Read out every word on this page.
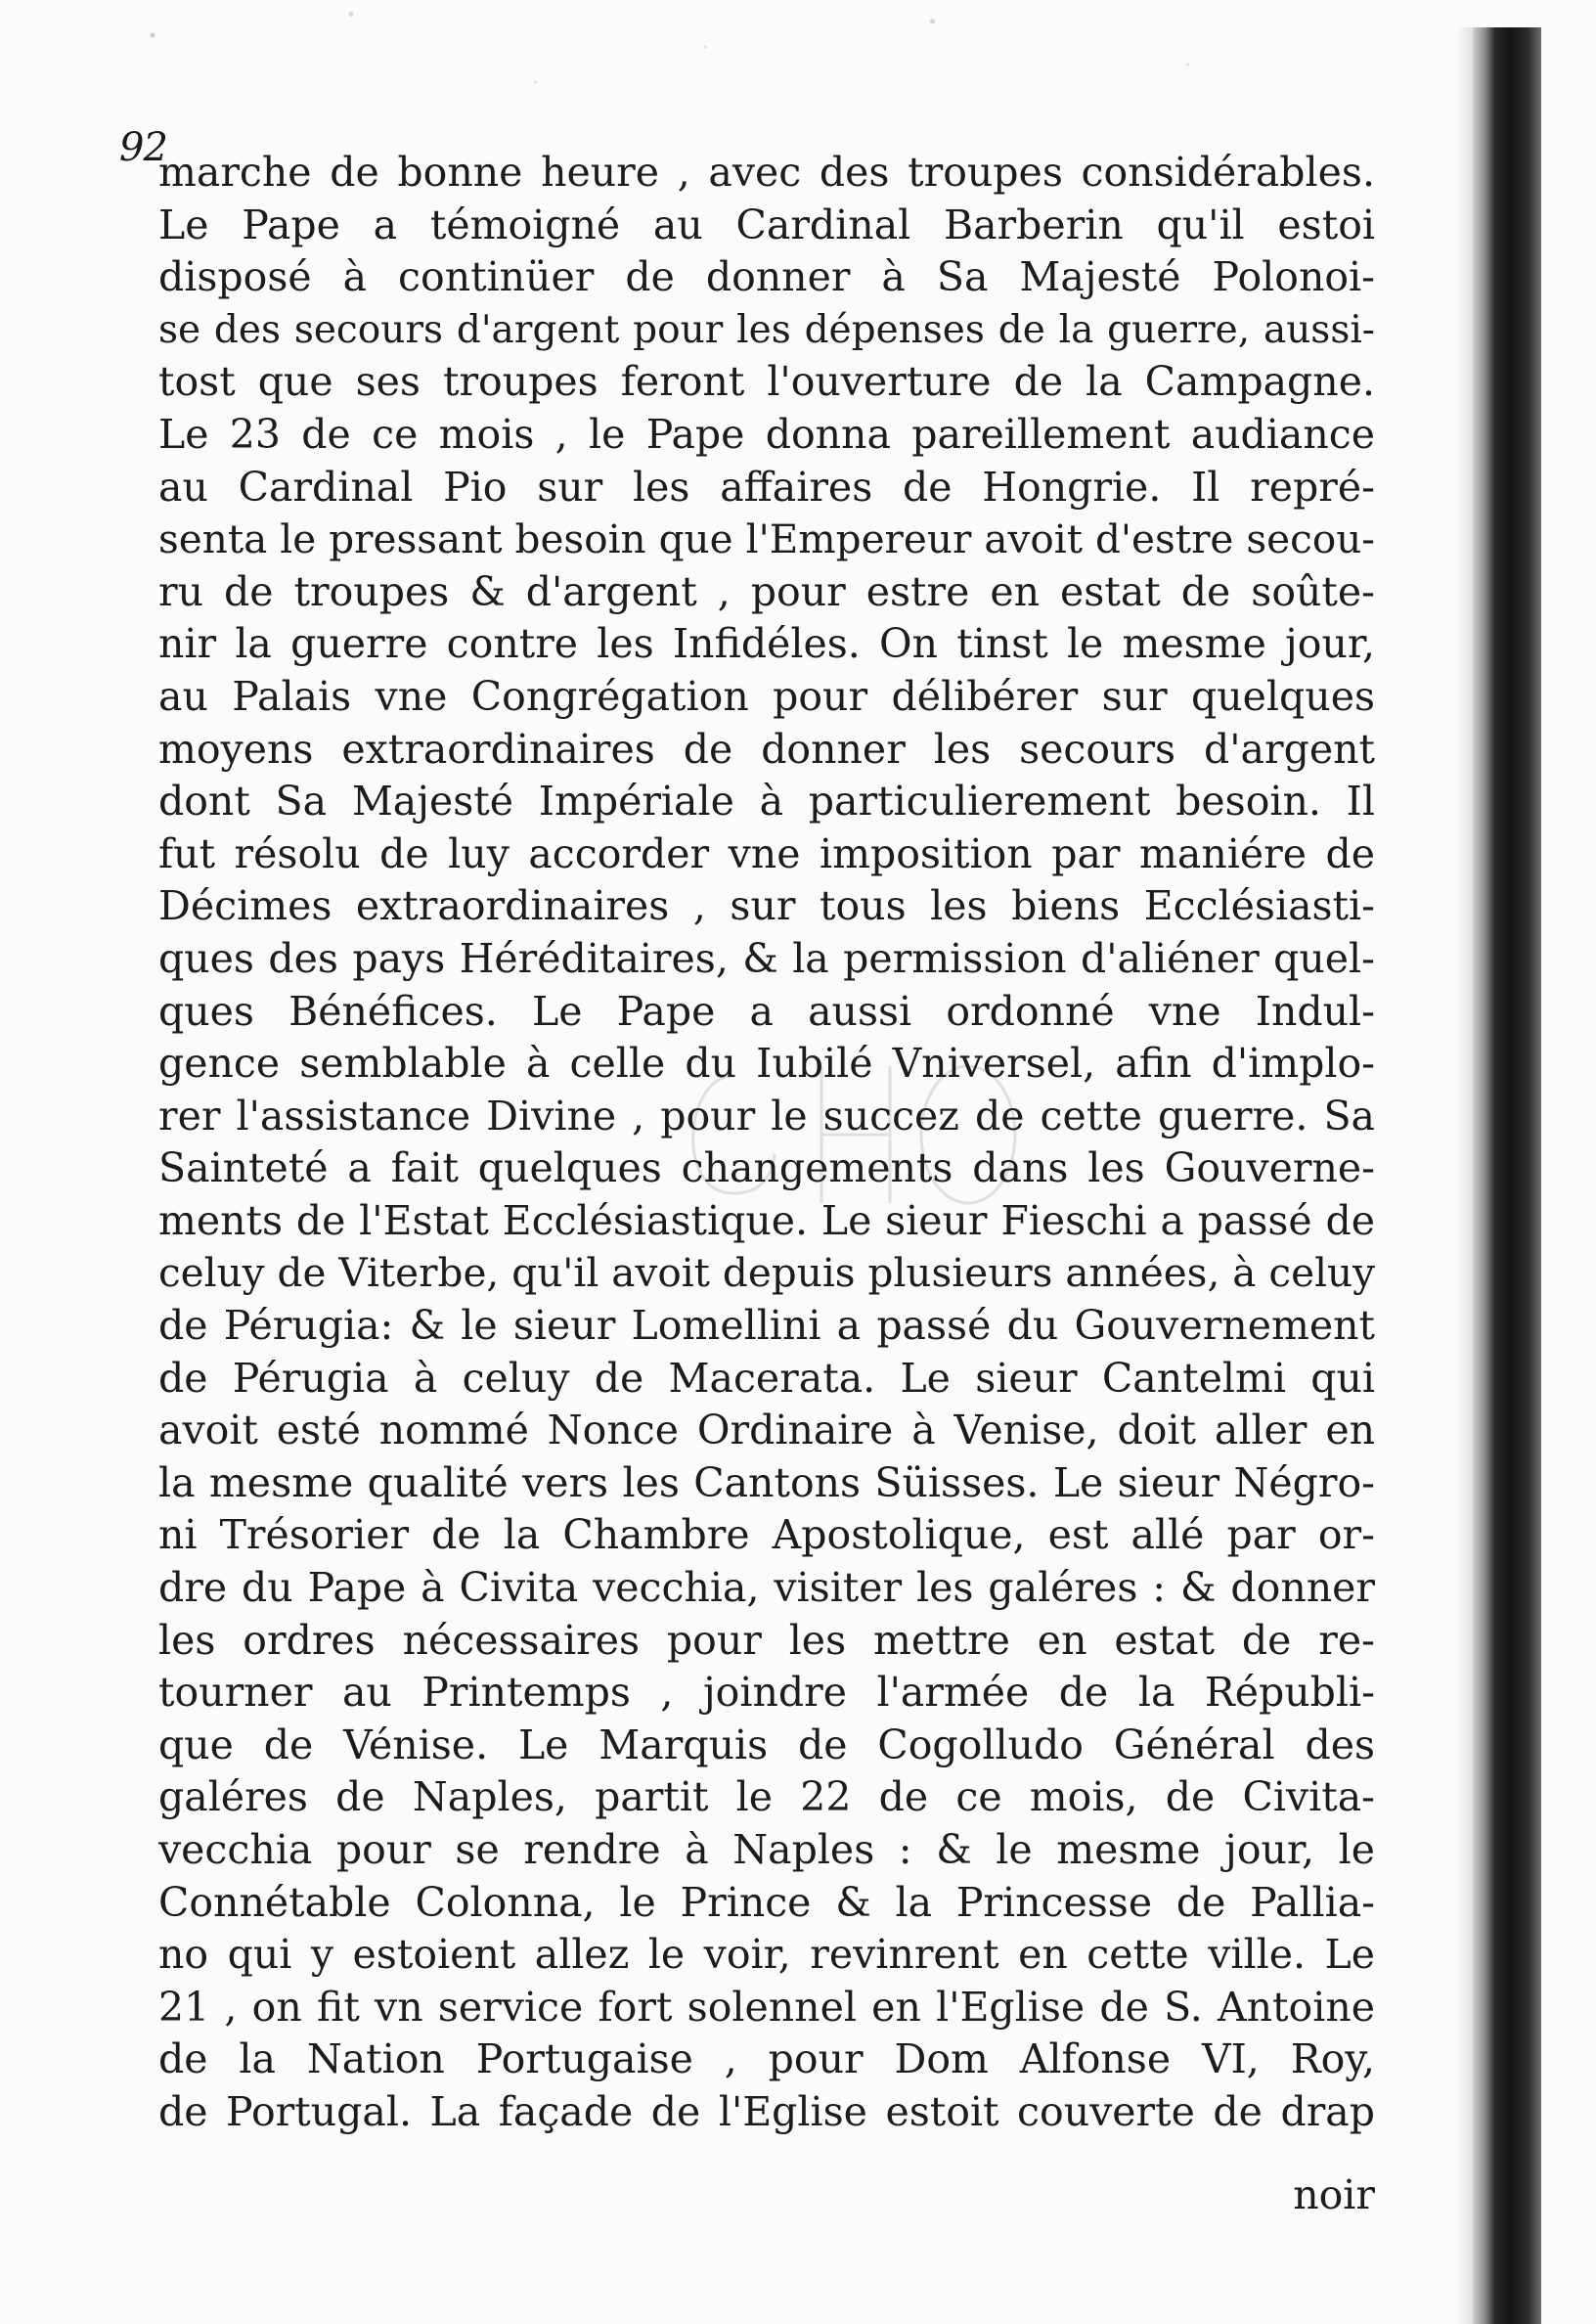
92
marche de bonne heure , avec des troupes considérables.
Le Pape a témoigné au Cardinal Barberin qu'il estoi
disposé à continüer de donner à Sa Majesté Polonoi-
se des secours d'argent pour les dépenses de la guerre, aussi-
tost que ses troupes feront l'ouverture de la Campagne.
Le 23 de ce mois , le Pape donna pareillement audiance
au Cardinal Pio sur les affaires de Hongrie. Il repré-
senta le pressant besoin que l'Empereur avoit d'estre secou-
ru de troupes & d'argent , pour estre en estat de soûte-
nir la guerre contre les Infidéles. On tinst le mesme jour,
au Palais vne Congrégation pour délibérer sur quelques
moyens extraordinaires de donner les secours d'argent
dont Sa Majesté Impériale à particulierement besoin. Il
fut résolu de luy accorder vne imposition par maniére de
Décimes extraordinaires , sur tous les biens Ecclésiasti-
ques des pays Héréditaires, & la permission d'aliéner quel-
ques Bénéfices. Le Pape a aussi ordonné vne Indul-
gence semblable à celle du Iubilé Vniversel, afin d'implo-
rer l'assistance Divine , pour le succez de cette guerre. Sa
Sainteté a fait quelques changements dans les Gouverne-
ments de l'Estat Ecclésiastique. Le sieur Fieschi a passé de
celuy de Viterbe, qu'il avoit depuis plusieurs années, à celuy
de Pérugia: & le sieur Lomellini a passé du Gouvernement
de Pérugia à celuy de Macerata. Le sieur Cantelmi qui
avoit esté nommé Nonce Ordinaire à Venise, doit aller en
la mesme qualité vers les Cantons Süisses. Le sieur Négro-
ni Trésorier de la Chambre Apostolique, est allé par or-
dre du Pape à Civita vecchia, visiter les galéres : & donner
les ordres nécessaires pour les mettre en estat de re-
tourner au Printemps , joindre l'armée de la Républi-
que de Vénise. Le Marquis de Cogolludo Général des
galéres de Naples, partit le 22 de ce mois, de Civita-
vecchia pour se rendre à Naples : & le mesme jour, le
Connétable Colonna, le Prince & la Princesse de Pallia-
no qui y estoient allez le voir, revinrent en cette ville. Le
21 , on fit vn service fort solennel en l'Eglise de S. Antoine
de la Nation Portugaise , pour Dom Alfonse VI, Roy,
de Portugal. La façade de l'Eglise estoit couverte de drap
noir
